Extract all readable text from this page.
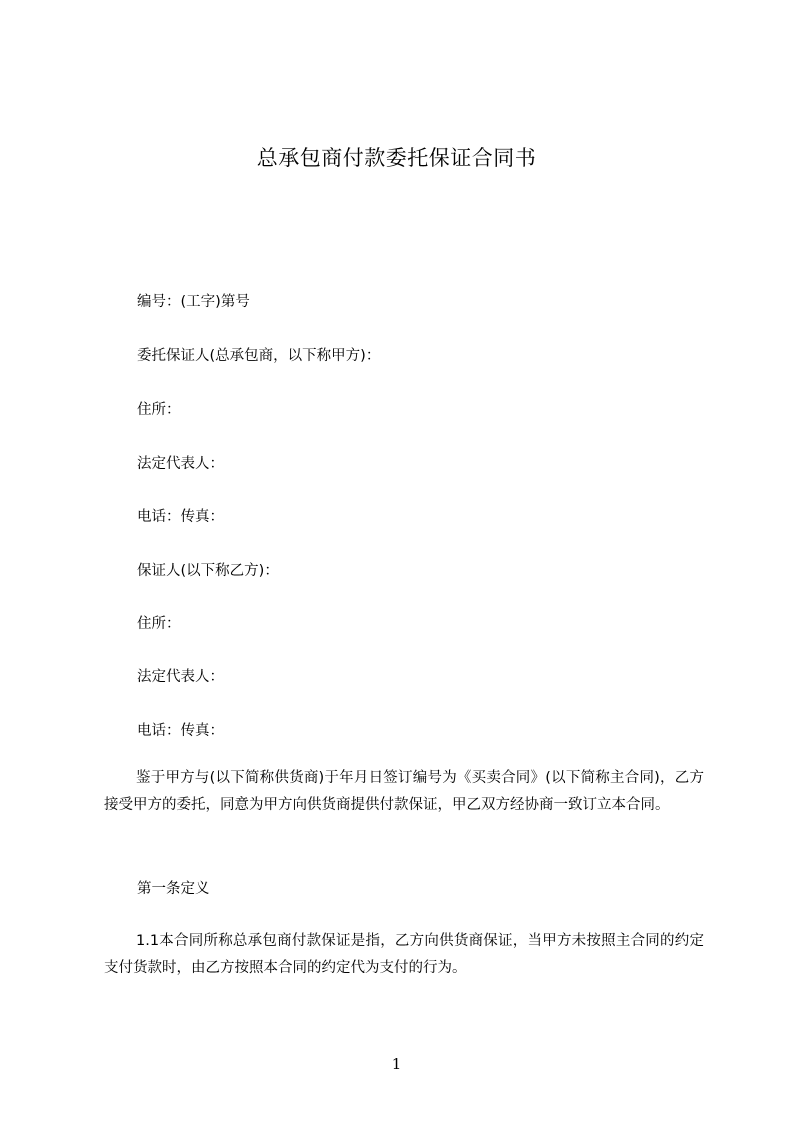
总承包商付款委托保证合同书
编号：(工字)第号
委托保证人(总承包商，以下称甲方)：
住所：
法定代表人：
电话：传真：
保证人(以下称乙方)：
住所：
法定代表人：
电话：传真：
鉴于甲方与(以下简称供货商)于年月日签订编号为《买卖合同》(以下简称主合同)，乙方接受甲方的委托，同意为甲方向供货商提供付款保证，甲乙双方经协商一致订立本合同。
第一条定义
1.1本合同所称总承包商付款保证是指，乙方向供货商保证，当甲方未按照主合同的约定支付货款时，由乙方按照本合同的约定代为支付的行为。
1
